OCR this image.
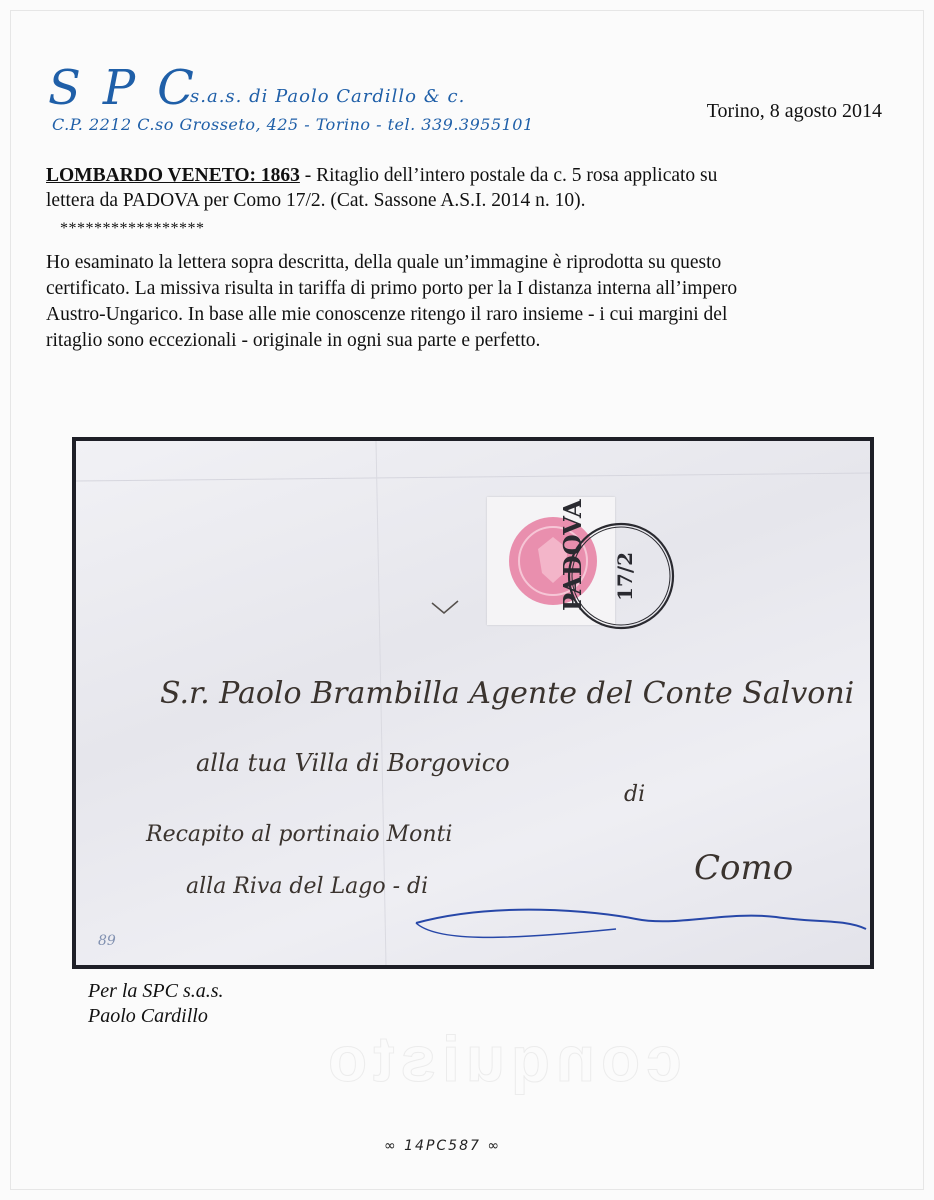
SPC
s.a.s. di Paolo Cardillo & c.
C.P. 2212 C.so Grosseto, 425 - Torino - tel. 339.3955101
Torino, 8 agosto 2014
LOMBARDO VENETO: 1863 - Ritaglio dell’intero postale da c. 5 rosa applicato su
lettera da PADOVA per Como 17/2. (Cat. Sassone A.S.I. 2014 n. 10).
*****************

Ho esaminato la lettera sopra descritta, della quale un’immagine è riprodotta su questo

certificato. La missiva risulta in tariffa di primo porto per la I distanza interna all’impero

Austro-Ungarico. In base alle mie conoscenze ritengo il raro insieme - i cui margini del

ritaglio sono eccezionali - originale in ogni sua parte e perfetto.

PADOVA 17/2
S.r. Paolo Brambilla Agente del Conte Salvoni
alla tua Villa di Borgovico
di
Recapito al portinaio Monti
alla Riva del Lago - di	Como
89
conquisto
Per la SPC s.a.s.
Paolo Cardillo
∞ 14PC587 ∞
